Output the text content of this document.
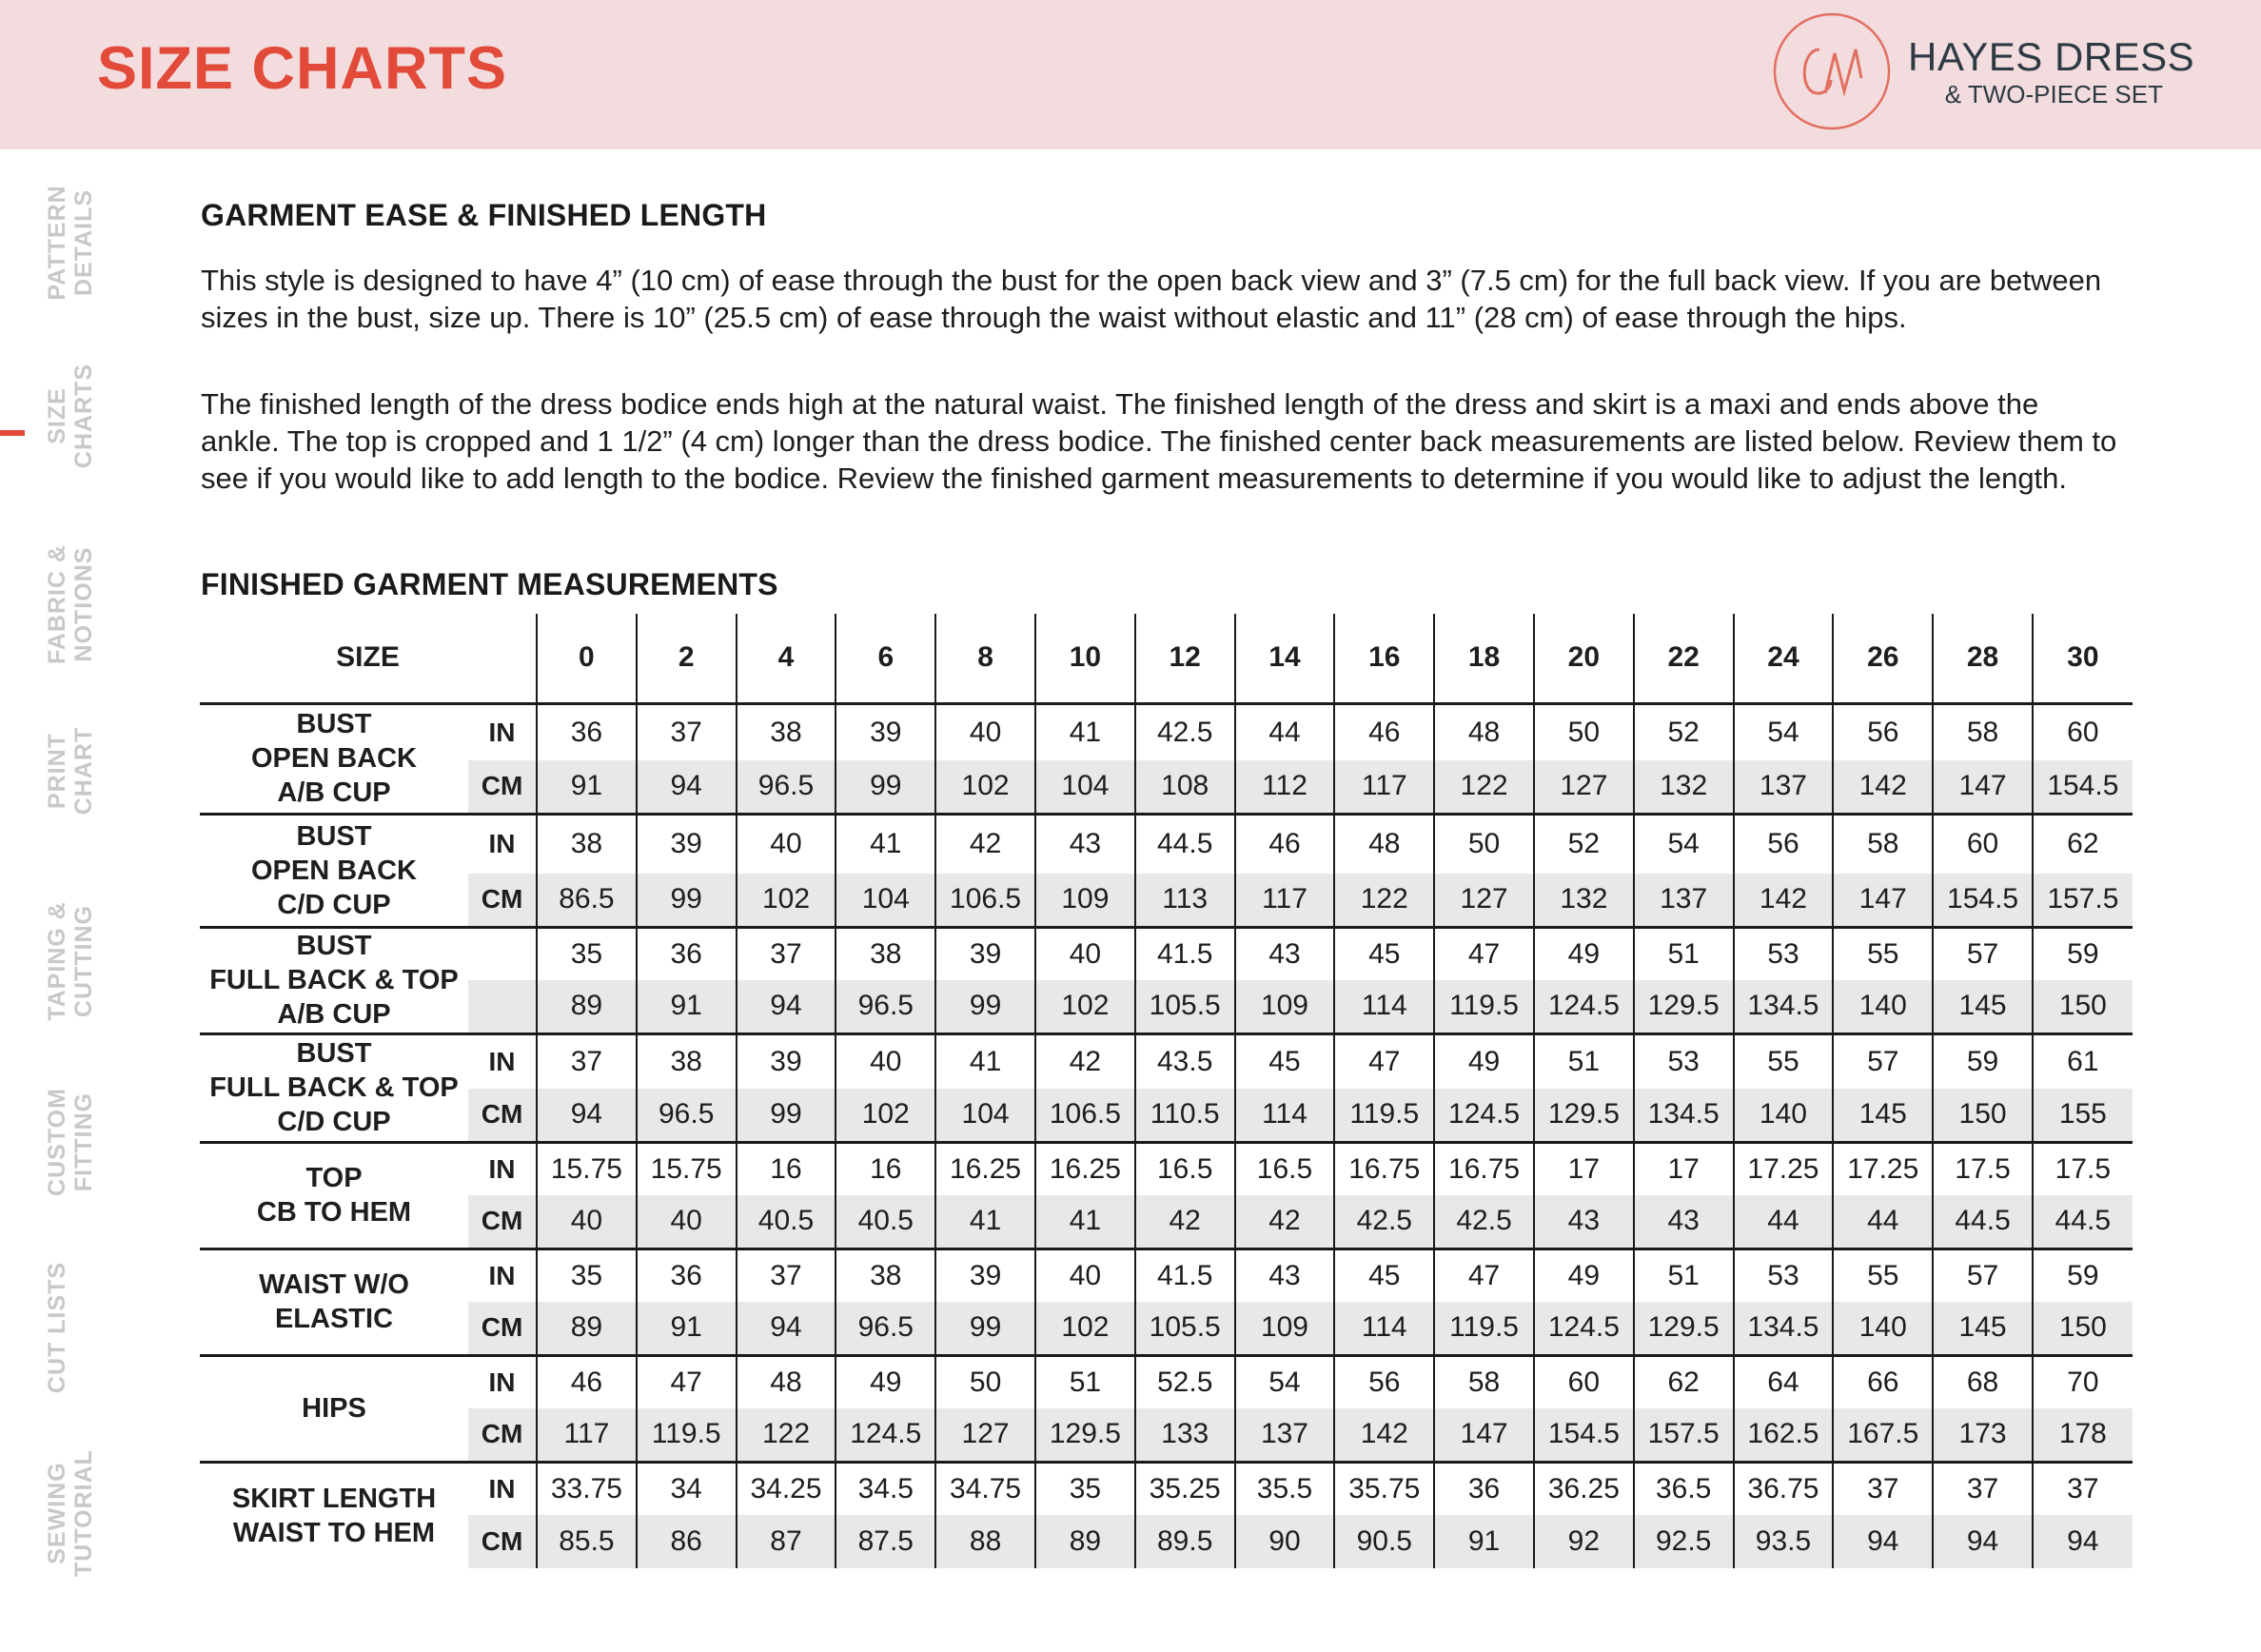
SIZE CHARTS	HAYES DRESS
& TWO-PIECE SET
PATTERN DETAILS
SIZE CHARTS
FABRIC & NOTIONS
PRINT CHART
TAPING & CUTTING
CUSTOM FITTING
CUT LISTS
SEWING TUTORIAL
GARMENT EASE & FINISHED LENGTH
This style is designed to have 4” (10 cm) of ease through the bust for the open back view and 3” (7.5 cm) for the full back view. If you are between sizes in the bust, size up. There is 10” (25.5 cm) of ease through the waist without elastic and 11” (28 cm) of ease through the hips.
The finished length of the dress bodice ends high at the natural waist. The finished length of the dress and skirt is a maxi and ends above the ankle. The top is cropped and 1 1/2” (4 cm) longer than the dress bodice. The finished center back measurements are listed below. Review them to see if you would like to add length to the bodice. Review the finished garment measurements to determine if you would like to adjust the length.
FINISHED GARMENT MEASUREMENTS
SIZE		0	2	4	6	8	10	12	14	16	18	20	22	24	26	28	30

BUST
OPEN BACK
A/B CUP	IN	36	37	38	39	40	41	42.5	44	46	48	50	52	54	56	58	60
	CM	91	94	96.5	99	102	104	108	112	117	122	127	132	137	142	147	154.5

BUST
OPEN BACK
C/D CUP	IN	38	39	40	41	42	43	44.5	46	48	50	52	54	56	58	60	62
	CM	86.5	99	102	104	106.5	109	113	117	122	127	132	137	142	147	154.5	157.5

BUST
FULL BACK & TOP
A/B CUP		35	36	37	38	39	40	41.5	43	45	47	49	51	53	55	57	59
		89	91	94	96.5	99	102	105.5	109	114	119.5	124.5	129.5	134.5	140	145	150

BUST
FULL BACK & TOP
C/D CUP	IN	37	38	39	40	41	42	43.5	45	47	49	51	53	55	57	59	61
	CM	94	96.5	99	102	104	106.5	110.5	114	119.5	124.5	129.5	134.5	140	145	150	155

TOP
CB TO HEM	IN	15.75	15.75	16	16	16.25	16.25	16.5	16.5	16.75	16.75	17	17	17.25	17.25	17.5	17.5
	CM	40	40	40.5	40.5	41	41	42	42	42.5	42.5	43	43	44	44	44.5	44.5

WAIST W/O
ELASTIC	IN	35	36	37	38	39	40	41.5	43	45	47	49	51	53	55	57	59
	CM	89	91	94	96.5	99	102	105.5	109	114	119.5	124.5	129.5	134.5	140	145	150

HIPS	IN	46	47	48	49	50	51	52.5	54	56	58	60	62	64	66	68	70
	CM	117	119.5	122	124.5	127	129.5	133	137	142	147	154.5	157.5	162.5	167.5	173	178

SKIRT LENGTH
WAIST TO HEM	IN	33.75	34	34.25	34.5	34.75	35	35.25	35.5	35.75	36	36.25	36.5	36.75	37	37	37
	CM	85.5	86	87	87.5	88	89	89.5	90	90.5	91	92	92.5	93.5	94	94	94
